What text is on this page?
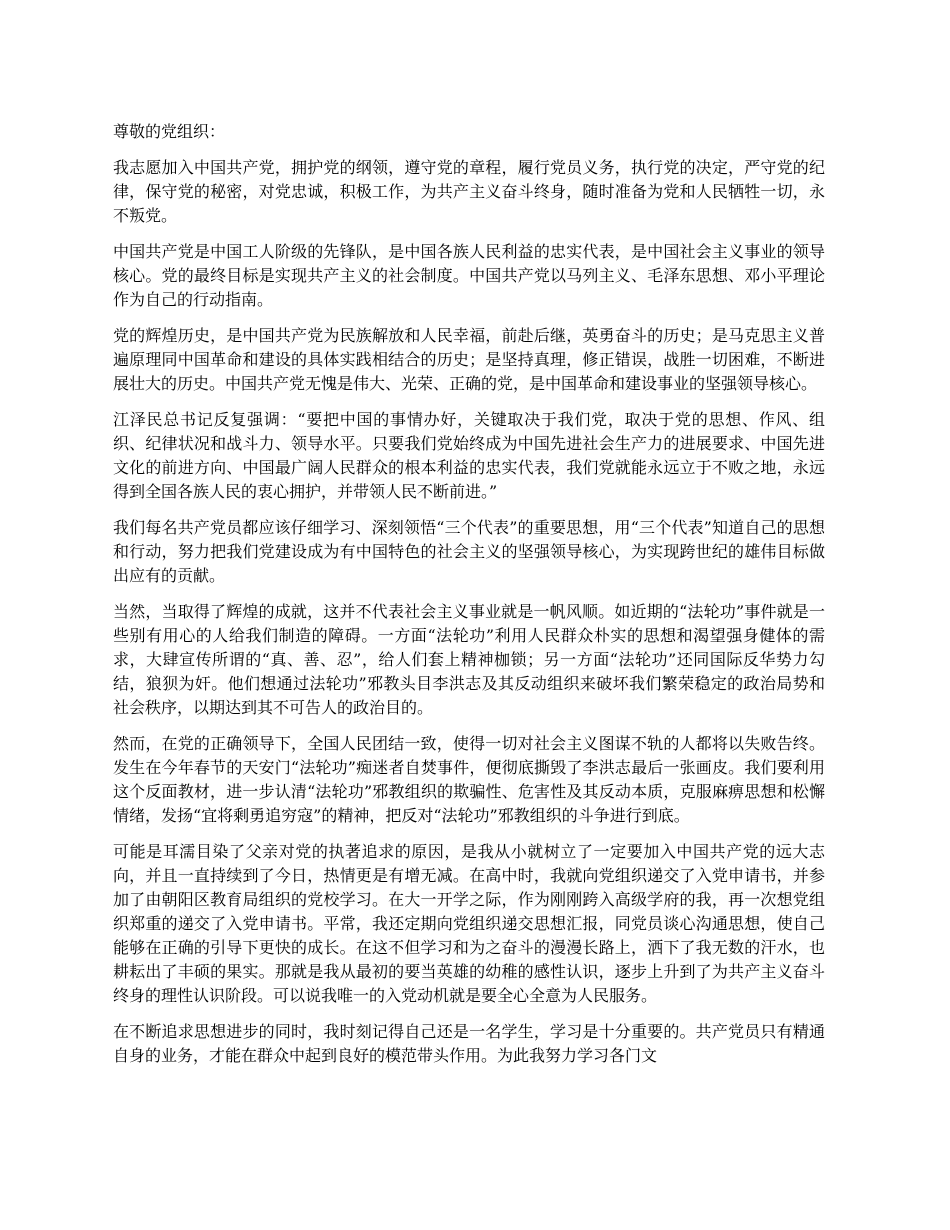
尊敬的党组织：

我志愿加入中国共产党，拥护党的纲领，遵守党的章程，履行党员义务，执行党的决定，严守党的纪律，保守党的秘密，对党忠诚，积极工作，为共产主义奋斗终身，随时准备为党和人民牺牲一切，永不叛党。

中国共产党是中国工人阶级的先锋队，是中国各族人民利益的忠实代表，是中国社会主义事业的领导核心。党的最终目标是实现共产主义的社会制度。中国共产党以马列主义、毛泽东思想、邓小平理论作为自己的行动指南。

党的辉煌历史，是中国共产党为民族解放和人民幸福，前赴后继，英勇奋斗的历史；是马克思主义普遍原理同中国革命和建设的具体实践相结合的历史；是坚持真理，修正错误，战胜一切困难，不断进展壮大的历史。中国共产党无愧是伟大、光荣、正确的党，是中国革命和建设事业的坚强领导核心。

江泽民总书记反复强调：“要把中国的事情办好，关键取决于我们党，取决于党的思想、作风、组织、纪律状况和战斗力、领导水平。只要我们党始终成为中国先进社会生产力的进展要求、中国先进文化的前进方向、中国最广阔人民群众的根本利益的忠实代表，我们党就能永远立于不败之地，永远得到全国各族人民的衷心拥护，并带领人民不断前进。”

我们每名共产党员都应该仔细学习、深刻领悟“三个代表”的重要思想，用“三个代表”知道自己的思想和行动，努力把我们党建设成为有中国特色的社会主义的坚强领导核心，为实现跨世纪的雄伟目标做出应有的贡献。

当然，当取得了辉煌的成就，这并不代表社会主义事业就是一帆风顺。如近期的“法轮功”事件就是一些别有用心的人给我们制造的障碍。一方面“法轮功”利用人民群众朴实的思想和渴望强身健体的需求，大肆宣传所谓的“真、善、忍”，给人们套上精神枷锁；另一方面“法轮功”还同国际反华势力勾结，狼狈为奸。他们想通过法轮功”邪教头目李洪志及其反动组织来破坏我们繁荣稳定的政治局势和社会秩序，以期达到其不可告人的政治目的。

然而，在党的正确领导下，全国人民团结一致，使得一切对社会主义图谋不轨的人都将以失败告终。发生在今年春节的天安门“法轮功”痴迷者自焚事件，便彻底撕毁了李洪志最后一张画皮。我们要利用这个反面教材，进一步认清“法轮功”邪教组织的欺骗性、危害性及其反动本质，克服麻痹思想和松懈情绪，发扬“宜将剩勇追穷寇”的精神，把反对“法轮功”邪教组织的斗争进行到底。

可能是耳濡目染了父亲对党的执著追求的原因，是我从小就树立了一定要加入中国共产党的远大志向，并且一直持续到了今日，热情更是有增无减。在高中时，我就向党组织递交了入党申请书，并参加了由朝阳区教育局组织的党校学习。在大一开学之际，作为刚刚跨入高级学府的我，再一次想党组织郑重的递交了入党申请书。平常，我还定期向党组织递交思想汇报，同党员谈心沟通思想，使自己能够在正确的引导下更快的成长。在这不但学习和为之奋斗的漫漫长路上，洒下了我无数的汗水，也耕耘出了丰硕的果实。那就是我从最初的要当英雄的幼稚的感性认识，逐步上升到了为共产主义奋斗终身的理性认识阶段。可以说我唯一的入党动机就是要全心全意为人民服务。

在不断追求思想进步的同时，我时刻记得自己还是一名学生，学习是十分重要的。共产党员只有精通自身的业务，才能在群众中起到良好的模范带头作用。为此我努力学习各门文
